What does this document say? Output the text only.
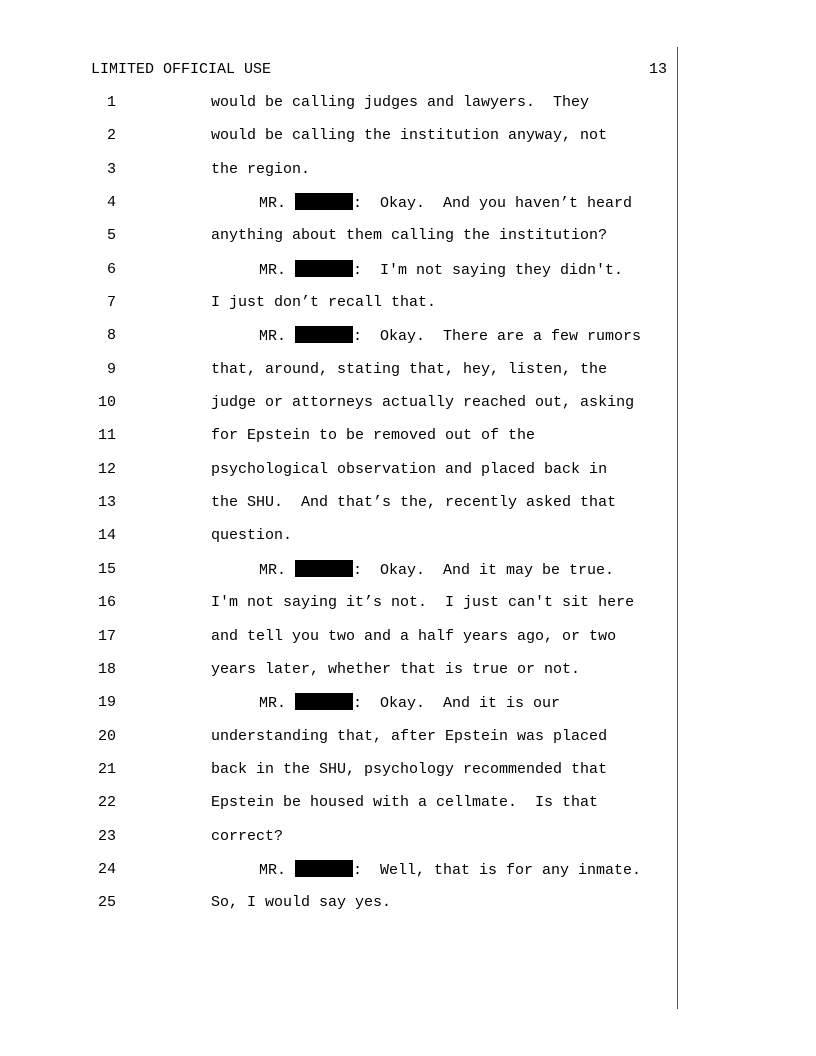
LIMITED OFFICIAL USE	13
1	would be calling judges and lawyers.  They
2	would be calling the institution anyway, not
3	the region.
4	MR.	:  Okay.  And you haven’t heard
5	anything about them calling the institution?
6	MR.	:  I'm not saying they didn't.
7	I just don’t recall that.
8	MR.	:  Okay.  There are a few rumors
9	that, around, stating that, hey, listen, the
10	judge or attorneys actually reached out, asking
11	for Epstein to be removed out of the
12	psychological observation and placed back in
13	the SHU.  And that’s the, recently asked that
14	question.
15	MR.	:  Okay.  And it may be true.
16	I'm not saying it’s not.  I just can't sit here
17	and tell you two and a half years ago, or two
18	years later, whether that is true or not.
19	MR.	:  Okay.  And it is our
20	understanding that, after Epstein was placed
21	back in the SHU, psychology recommended that
22	Epstein be housed with a cellmate.  Is that
23	correct?
24	MR.	:  Well, that is for any inmate.
25	So, I would say yes.
